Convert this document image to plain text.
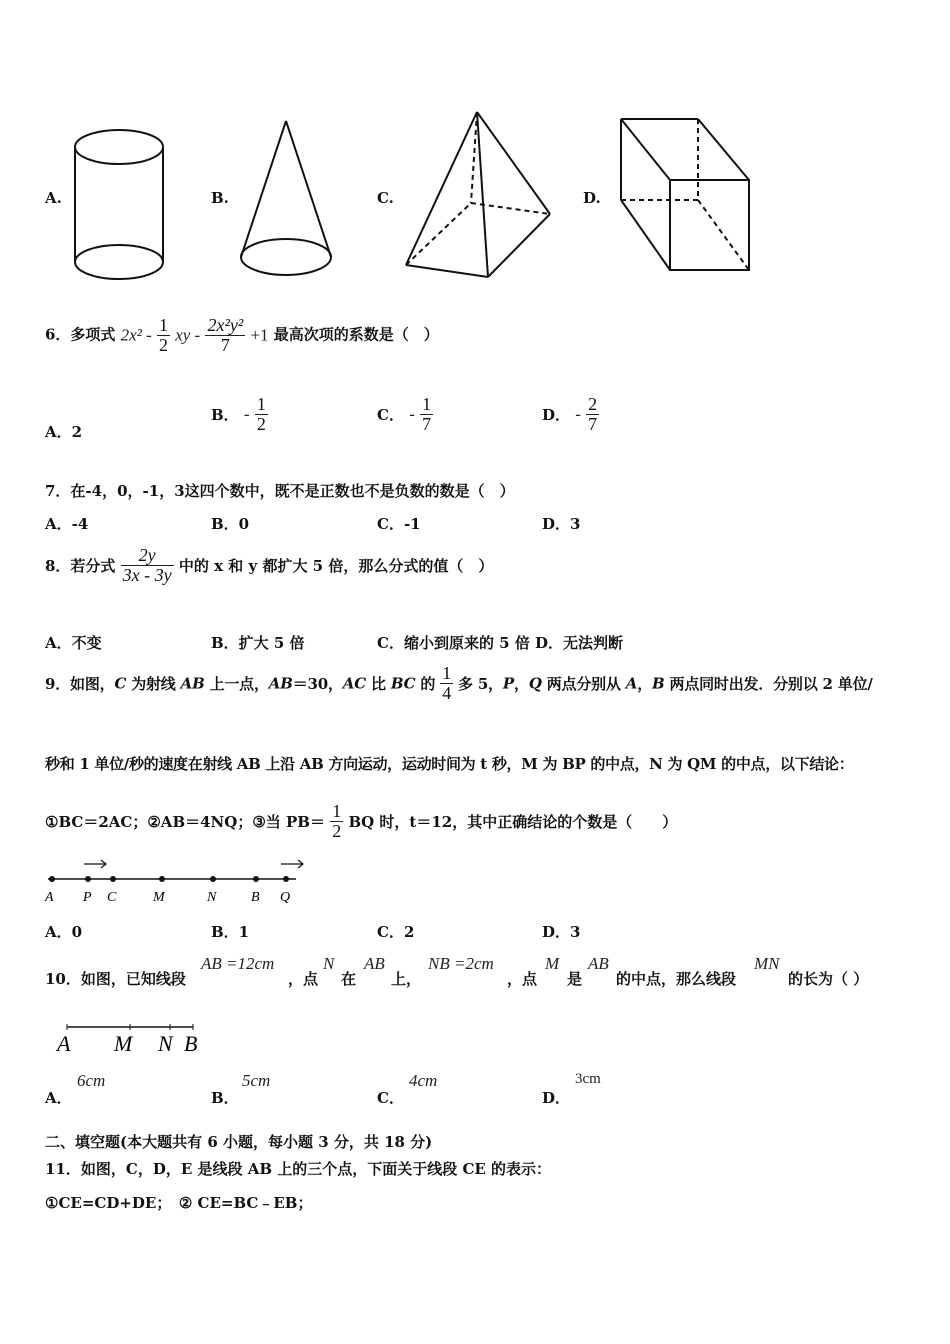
A.	B.	C.	D.
6．多项式 $2x^2 - \frac{1}{2}$ xy - $\frac{\text{2x²y²}}{7} +1$ 最高次项的系数是（　）
A．2
B． - $\frac{1}{2}$	C． - $\frac{1}{7}$	D． - $\frac{2}{7}$
7．在-4，0，-1，3这四个数中，既不是正数也不是负数的数是（　）
A．-4	B．0	C．-1	D．3
8．若分式 $\frac{2y}{3x - 3y}$ 中的 x 和 y 都扩大 5 倍，那么分式的值（　）
A．不变	B．扩大 5 倍	C．缩小到原来的 5 倍 D．无法判断
9．如图，C 为射线 AB 上一点，AB＝30，AC 比 BC 的 $\frac{1}{4}$ 多 5，P，Q 两点分别从 A，B 两点同时出发．分别以 2 单位/
秒和 1 单位/秒的速度在射线 AB 上沿 AB 方向运动，运动时间为 t 秒，M 为 BP 的中点，N 为 QM 的中点，以下结论：
①BC＝2AC；②AB＝4NQ；③当 $PB= \frac{1}{2}$ BQ 时，t＝12，其中正确结论的个数是（　　）
A P C	M	N B Q
A．0	B．1	C．2	D．3
10．如图，已知线段
AB =12cm
，点
N
在
AB
上，
NB =2cm
，点
M
是
AB
的中点，那么线段
MN
的长为（ ）
A M N B
A．
6cm
B．
5cm
C．
4cm
D．
3cm
二、填空题(本大题共有 6 小题，每小题 3 分，共 18 分)
11．如图，C，D，E 是线段 AB 上的三个点，下面关于线段 CE 的表示：
①CE=CD+DE；　② CE=BC﹣EB；
